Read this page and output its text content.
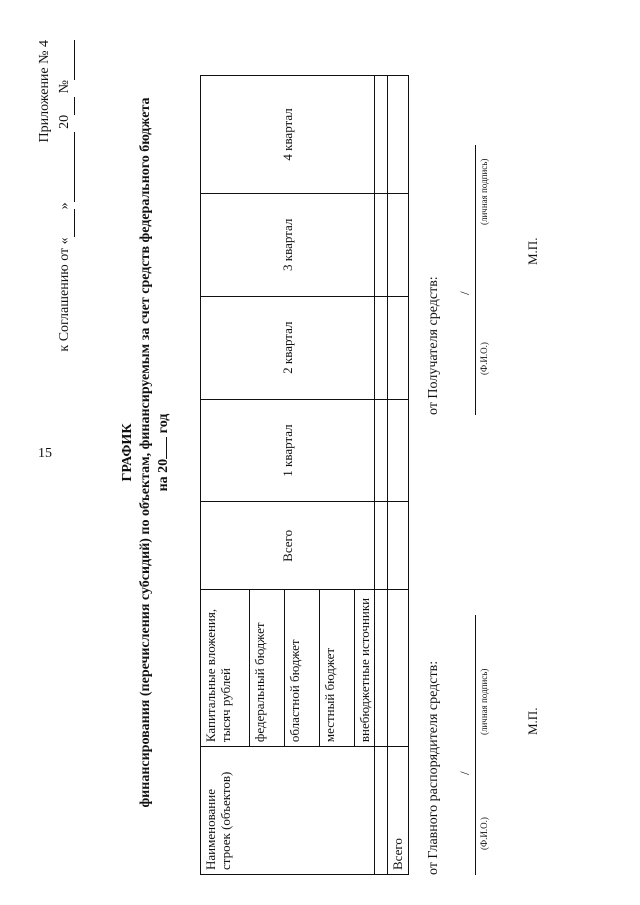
15
Приложение № 4
к Соглашению от «» 20 №
ГРАФИК финансирования (перечисления субсидий) по объектам, финансируемым за счет средств федерального бюджета на 20 год
Наименование строек (объектов)	Капитальные вложения, тысяч рублей	Всего	1 квартал	2 квартал	3 квартал	4 квартал
	федеральный бюджет					
	областной бюджет					
	местный бюджет					
	внебюджетные источники					

Всего						от Главного распорядителя средств: /
(Ф.И.О.)
(личная подпись)	М.П.
от Получателя средств: /
(Ф.И.О.)
(личная подпись)
М.П.
